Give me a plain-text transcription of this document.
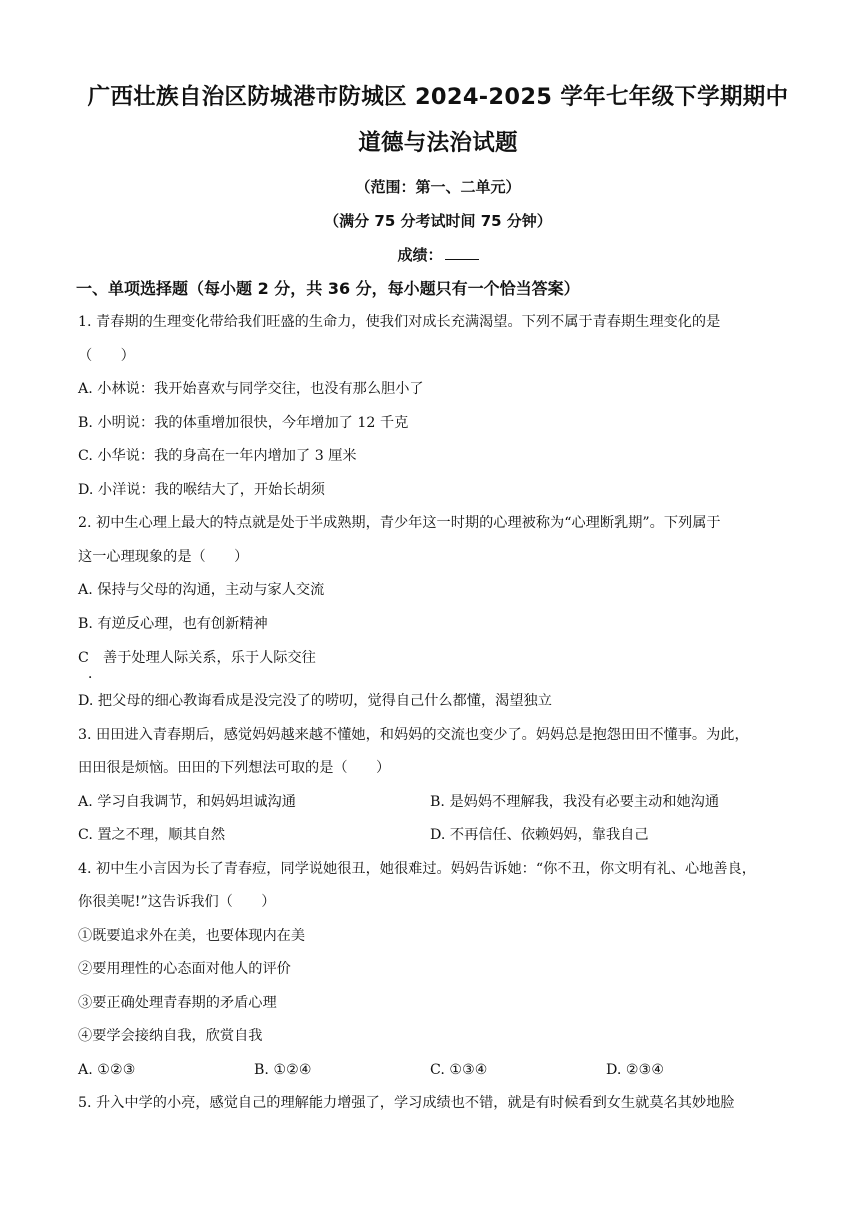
广西壮族自治区防城港市防城区 2024-2025 学年七年级下学期期中
道德与法治试题
（范围：第一、二单元）
（满分 75 分考试时间 75 分钟）
成绩：
一、单项选择题（每小题 2 分，共 36 分，每小题只有一个恰当答案）
1. 青春期的生理变化带给我们旺盛的生命力，使我们对成长充满渴望。下列不属于青春期生理变化的是
（　　）
A. 小林说：我开始喜欢与同学交往，也没有那么胆小了
B. 小明说：我的体重增加很快，今年增加了 12 千克
C. 小华说：我的身高在一年内增加了 3 厘米
D. 小洋说：我的喉结大了，开始长胡须
2. 初中生心理上最大的特点就是处于半成熟期，青少年这一时期的心理被称为“心理断乳期”。下列属于
这一心理现象的是（　　）
A. 保持与父母的沟通，主动与家人交流
B. 有逆反心理，也有创新精神
C　善于处理人际关系，乐于人际交往
．
D. 把父母的细心教诲看成是没完没了的唠叨，觉得自己什么都懂，渴望独立
3. 田田进入青春期后，感觉妈妈越来越不懂她，和妈妈的交流也变少了。妈妈总是抱怨田田不懂事。为此，
田田很是烦恼。田田的下列想法可取的是（　　）
A. 学习自我调节，和妈妈坦诚沟通	B. 是妈妈不理解我，我没有必要主动和她沟通
C. 置之不理，顺其自然	D. 不再信任、依赖妈妈，靠我自己
4. 初中生小言因为长了青春痘，同学说她很丑，她很难过。妈妈告诉她：“你不丑，你文明有礼、心地善良，
你很美呢!”这告诉我们（　　）
①既要追求外在美，也要体现内在美
②要用理性的心态面对他人的评价
③要正确处理青春期的矛盾心理
④要学会接纳自我，欣赏自我
A. ①②③	B. ①②④	C. ①③④	D. ②③④
5. 升入中学的小亮，感觉自己的理解能力增强了，学习成绩也不错，就是有时候看到女生就莫名其妙地脸
